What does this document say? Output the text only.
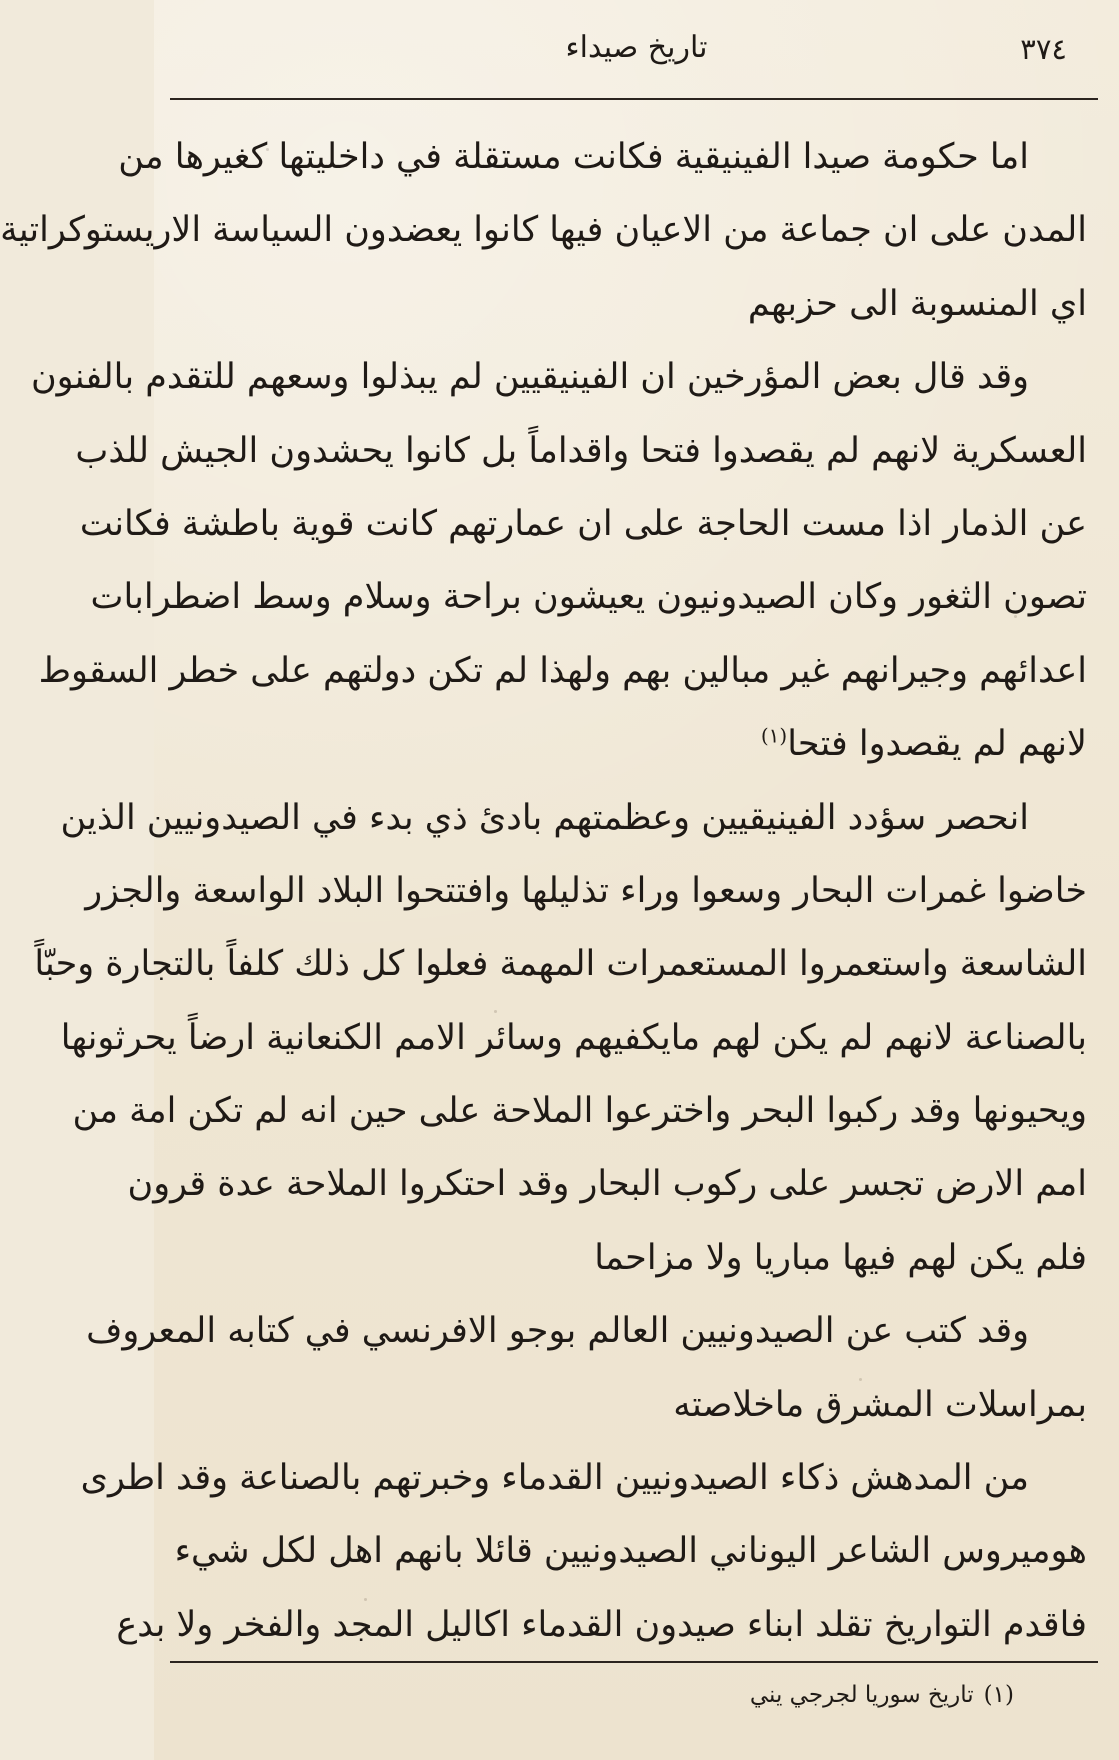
٣٧٤
تاريخ صيداء
اما حكومة صيدا الفينيقية فكانت مستقلة في داخليتها كغيرها من
المدن على ان جماعة من الاعيان فيها كانوا يعضدون السياسة الاريستوكراتية
اي المنسوبة الى حزبهم
وقد قال بعض المؤرخين ان الفينيقيين لم يبذلوا وسعهم للتقدم بالفنون
العسكرية لانهم لم يقصدوا فتحا واقداماً بل كانوا يحشدون الجيش للذب
عن الذمار اذا مست الحاجة على ان عمارتهم كانت قوية باطشة فكانت
تصون الثغور وكان الصيدونيون يعيشون براحة وسلام وسط اضطرابات
اعدائهم وجيرانهم غير مبالين بهم ولهذا لم تكن دولتهم على خطر السقوط
لانهم لم يقصدوا فتحا$^{(١)}$
انحصر سؤدد الفينيقيين وعظمتهم بادئ ذي بدء في الصيدونيين الذين
خاضوا غمرات البحار وسعوا وراء تذليلها وافتتحوا البلاد الواسعة والجزر
الشاسعة واستعمروا المستعمرات المهمة فعلوا كل ذلك كلفاً بالتجارة وحبّاً
بالصناعة لانهم لم يكن لهم مايكفيهم وسائر الامم الكنعانية ارضاً يحرثونها
ويحيونها وقد ركبوا البحر واخترعوا الملاحة على حين انه لم تكن امة من
امم الارض تجسر على ركوب البحار وقد احتكروا الملاحة عدة قرون
فلم يكن لهم فيها مباريا ولا مزاحما
وقد كتب عن الصيدونيين العالم بوجو الافرنسي في كتابه المعروف
بمراسلات المشرق ماخلاصته
من المدهش ذكاء الصيدونيين القدماء وخبرتهم بالصناعة وقد اطرى
هوميروس الشاعر اليوناني الصيدونيين قائلا بانهم اهل لكل شيء
فاقدم التواريخ تقلد ابناء صيدون القدماء اكاليل المجد والفخر ولا بدع
(١)تاريخ سوريا لجرجي يني
